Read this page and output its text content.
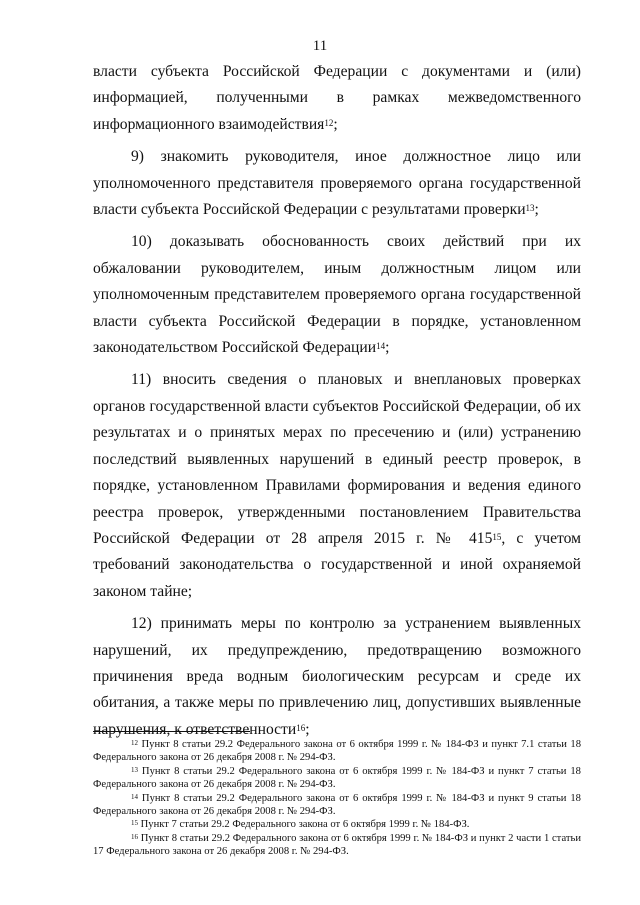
11

власти субъекта Российской Федерации с документами и (или) информацией, полученными в рамках межведомственного информационного взаимодействия$^{12}$;

9) знакомить руководителя, иное должностное лицо или уполномоченного представителя проверяемого органа государственной власти субъекта Российской Федерации с результатами проверки$^{13}$;

10) доказывать обоснованность своих действий при их обжаловании руководителем, иным должностным лицом или уполномоченным представителем проверяемого органа государственной власти субъекта Российской Федерации в порядке, установленном законодательством Российской Федерации$^{14}$;

11) вносить сведения о плановых и внеплановых проверках органов государственной власти субъектов Российской Федерации, об их результатах и о принятых мерах по пресечению и (или) устранению последствий выявленных нарушений в единый реестр проверок, в порядке, установленном Правилами формирования и ведения единого реестра проверок, утвержденными постановлением Правительства Российской Федерации от 28 апреля 2015 г. № $415^{15}$, с учетом требований законодательства о государственной и иной охраняемой законом тайне;

12) принимать меры по контролю за устранением выявленных нарушений, их предупреждению, предотвращению возможного причинения вреда водным биологическим ресурсам и среде их обитания, а также меры по привлечению лиц, допустивших выявленные нарушения, к ответственности$^{16}$;

$^{12}$ Пункт 8 статьи 29.2 Федерального закона от 6 октября 1999 г. № 184-ФЗ и пункт 7.1 статьи 18 Федерального закона от 26 декабря 2008 г. № 294-ФЗ.

$^{13}$ Пункт 8 статьи 29.2 Федерального закона от 6 октября 1999 г. № 184-ФЗ и пункт 7 статьи 18 Федерального закона от 26 декабря 2008 г. № 294-ФЗ.

$^{14}$ Пункт 8 статьи 29.2 Федерального закона от 6 октября 1999 г. № 184-ФЗ и пункт 9 статьи 18 Федерального закона от 26 декабря 2008 г. № 294-ФЗ.

$^{15}$ Пункт 7 статьи 29.2 Федерального закона от 6 октября 1999 г. № 184-ФЗ.

$^{16}$ Пункт 8 статьи 29.2 Федерального закона от 6 октября 1999 г. № 184-ФЗ и пункт 2 части 1 статьи 17 Федерального закона от 26 декабря 2008 г. № 294-ФЗ.
